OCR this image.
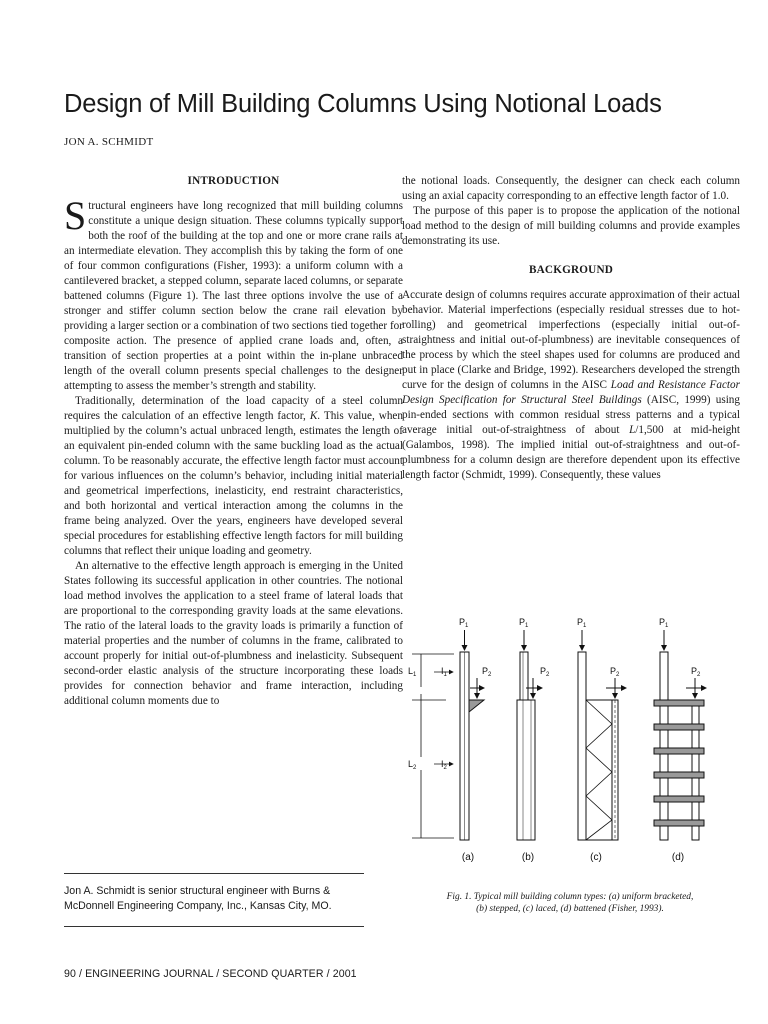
Design of Mill Building Columns Using Notional Loads
JON A. SCHMIDT
INTRODUCTION

Structural engineers have long recognized that mill building columns constitute a unique design situation. These columns typically support both the roof of the building at the top and one or more crane rails at an intermediate elevation. They accomplish this by taking the form of one of four common configurations (Fisher, 1993): a uniform column with a cantilevered bracket, a stepped column, separate laced columns, or separate battened columns (Figure 1). The last three options involve the use of a stronger and stiffer column section below the crane rail elevation by providing a larger section or a combination of two sections tied together for composite action. The presence of applied crane loads and, often, a transition of section properties at a point within the in-plane unbraced length of the overall column presents special challenges to the designer attempting to assess the member’s strength and stability.

Traditionally, determination of the load capacity of a steel column requires the calculation of an effective length factor, K. This value, when multiplied by the column’s actual unbraced length, estimates the length of an equivalent pin-ended column with the same buckling load as the actual column. To be reasonably accurate, the effective length factor must account for various influences on the column’s behavior, including initial material and geometrical imperfections, inelasticity, end restraint characteristics, and both horizontal and vertical interaction among the columns in the frame being analyzed. Over the years, engineers have developed several special procedures for establishing effective length factors for mill building columns that reflect their unique loading and geometry.

An alternative to the effective length approach is emerging in the United States following its successful application in other countries. The notional load method involves the application to a steel frame of lateral loads that are proportional to the corresponding gravity loads at the same elevations. The ratio of the lateral loads to the gravity loads is primarily a function of material properties and the number of columns in the frame, calibrated to account properly for initial out-of-plumbness and inelasticity. Subsequent second-order elastic analysis of the structure incorporating these loads provides for connection behavior and frame interaction, including additional column moments due to

the notional loads. Consequently, the designer can check each column using an axial capacity corresponding to an effective length factor of 1.0.

The purpose of this paper is to propose the application of the notional load method to the design of mill building columns and provide examples demonstrating its use.

BACKGROUND

Accurate design of columns requires accurate approximation of their actual behavior. Material imperfections (especially residual stresses due to hot-rolling) and geometrical imperfections (especially initial out-of-straightness and initial out-of-plumbness) are inevitable consequences of the process by which the steel shapes used for columns are produced and put in place (Clarke and Bridge, 1992). Researchers developed the strength curve for the design of columns in the AISC Load and Resistance Factor Design Specification for Structural Steel Buildings (AISC, 1999) using pin-ended sections with common residual stress patterns and a typical average initial out-of-straightness of about L/1,500 at mid-height (Galambos, 1998). The implied initial out-of-straightness and out-of-plumbness for a column design are therefore dependent upon its effective length factor (Schmidt, 1999). Consequently, these values

$L_1$	$I_1$
$L_2$	$I_2$
$P_1$
$P_2$
$P_1$
$P_2$
$P_1$
$P_2$
$P_1$
$P_2$
(a)	(b)	(c)	(d)
Fig. 1. Typical mill building column types: (a) uniform bracketed,
(b) stepped, (c) laced, (d) battened (Fisher, 1993).
Jon A. Schmidt is senior structural engineer with Burns & McDonnell Engineering Company, Inc., Kansas City, MO.
90 / ENGINEERING JOURNAL / SECOND QUARTER / 2001
